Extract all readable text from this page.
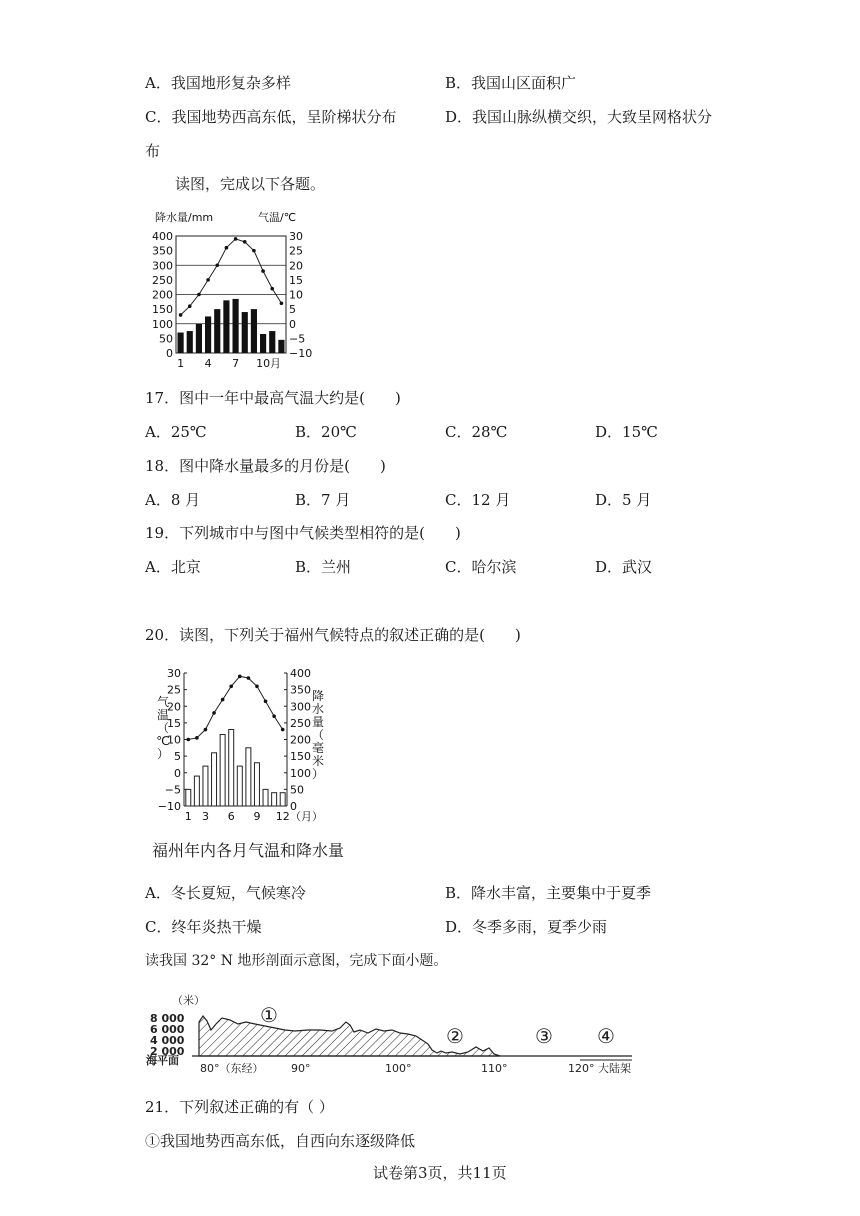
A．我国地形复杂多样	B．我国山区面积广
C．我国地势西高东低，呈阶梯状分布	D．我国山脉纵横交织，大致呈网格状分
布
读图，完成以下各题。
降水量/mm	气温/℃
400
350
300
250
200
150
100
50
0
30
25
20
15
10
5
0
−5
−10
1 4 7 10 月
17．图中一年中最高气温大约是(　　)
A．25℃	B．20℃	C．28℃	D．15℃
18．图中降水量最多的月份是(　　)
A．8 月	B．7 月	C．12 月	D．5 月
19．下列城市中与图中气候类型相符的是(　　)
A．北京	B．兰州	C．哈尔滨	D．武汉
20．读图，下列关于福州气候特点的叙述正确的是(　　)
30
25
20
15
10
5
0
−5
−10
400
350
300
250
200
150
100
50
0
1 3 6 9 12 （月）
气温（℃）
降水量（毫米）
福州年内各月气温和降水量
A．冬长夏短，气候寒冷	B．降水丰富，主要集中于夏季
C．终年炎热干燥	D．冬季多雨，夏季少雨
读我国 32° N 地形剖面示意图，完成下面小题。
（米）
8 000
6 000
4 000
2 000
海平面
①
②	③ ④
80°（东经）	90°	100°	110°	120° 大陆架
21．下列叙述正确的有（ ）
①我国地势西高东低，自西向东逐级降低
试卷第3页，共11页
